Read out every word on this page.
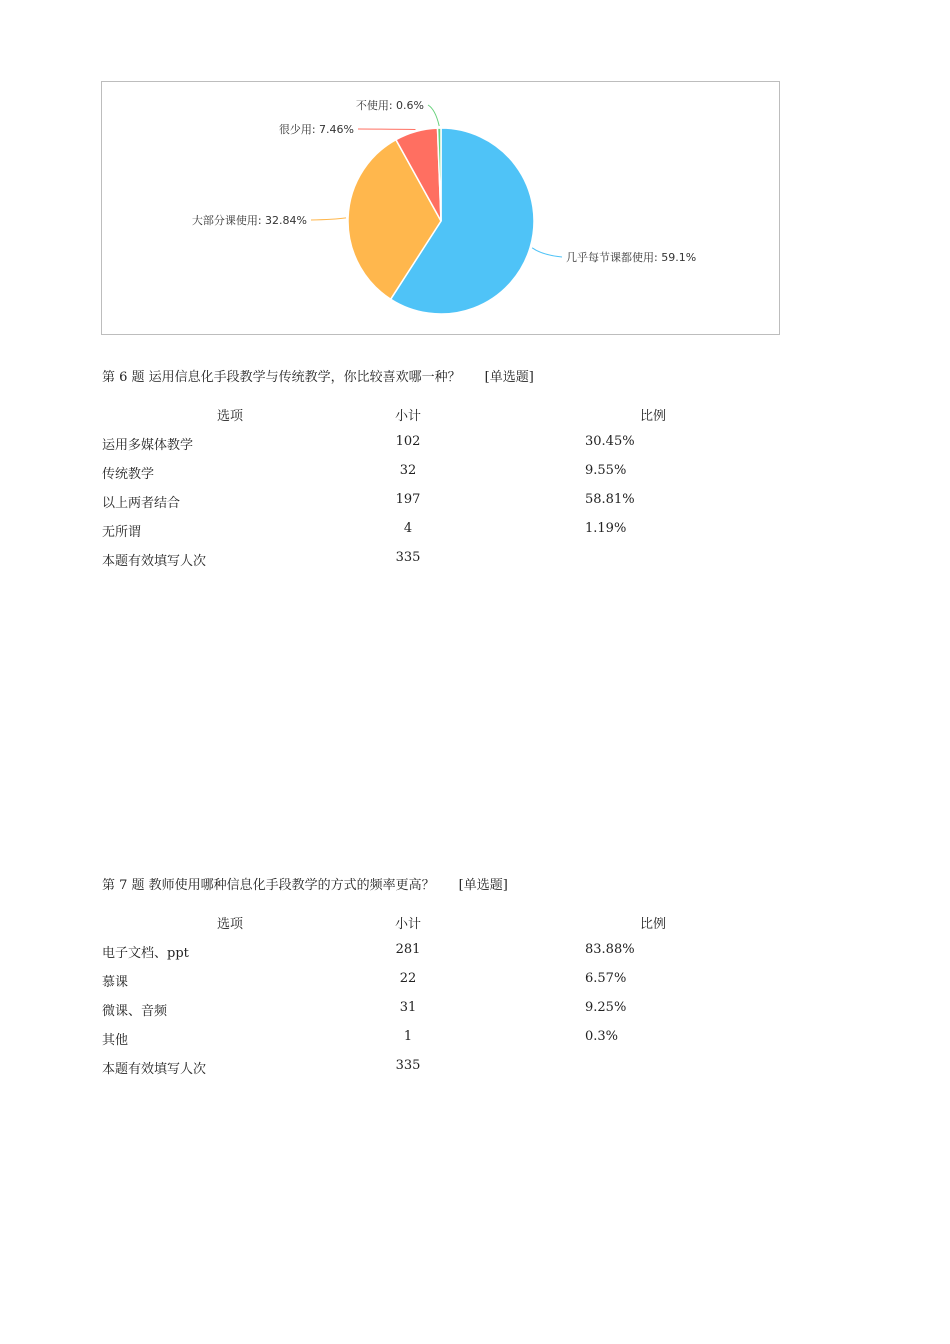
几乎每节课都使用: 59.1%
大部分课使用: 32.84%
很少用: 7.46%
不使用: 0.6%
第 6 题 运用信息化手段教学与传统教学，你比较喜欢哪一种？ [单选题]
选项	小计	比例
运用多媒体教学	102	30.45%
传统教学	32	9.55%
以上两者结合	197	58.81%
无所谓	4	1.19%
本题有效填写人次	335
第 7 题 教师使用哪种信息化手段教学的方式的频率更高？ [单选题]
选项	小计	比例
电子文档、ppt	281	83.88%
慕课	22	6.57%
微课、音频	31	9.25%
其他	1	0.3%
本题有效填写人次	335
